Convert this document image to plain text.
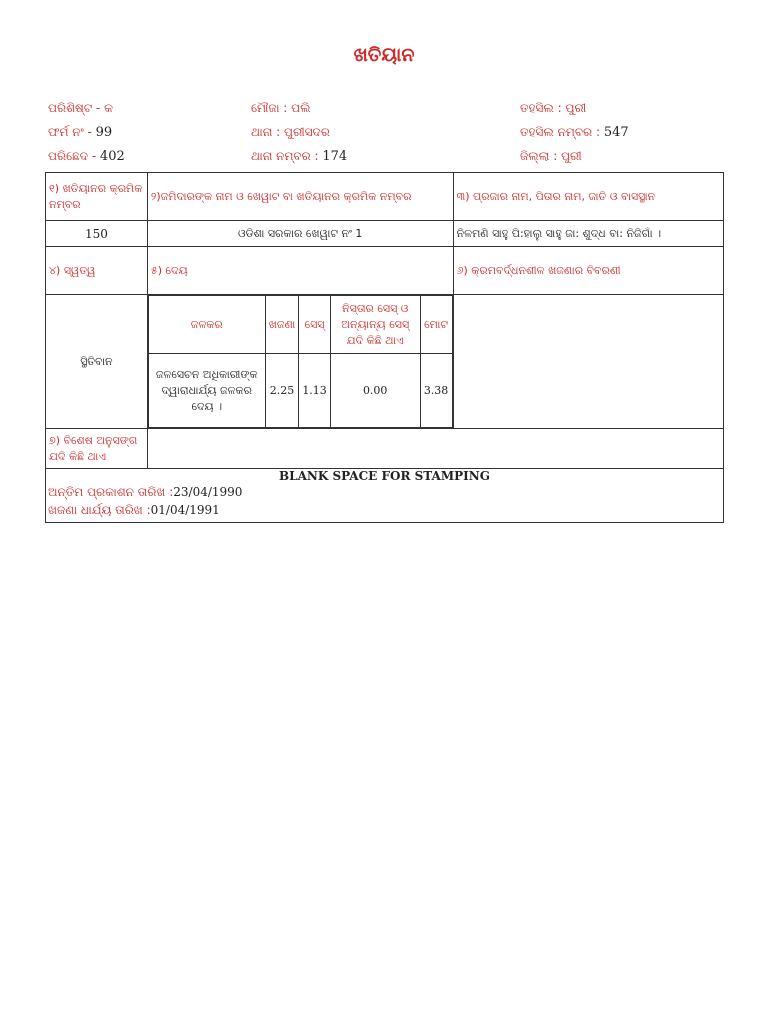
ଖତିୟାନ
ପରିଶିଷ୍ଟ - କ	ମୌଜା : ପଲି	ତହସିଲ : ପୁରୀ
ଫର୍ମ ନଂ - 99	ଥାନା : ପୁରୀସଦର	ତହସିଲ ନମ୍ବର : 547
ପରିଛେଦ - 402	ଥାନା ନମ୍ବର : 174	ଜିଲ୍ଲା : ପୁରୀ
୧) ଖତିୟାନର କ୍ରମିକ ନମ୍ବର	୨)ଜମିଦାରଙ୍କ ନାମ ଓ ଖେୱାଟ ବା ଖତିୟାନର କ୍ରମିକ ନମ୍ବର	୩) ପ୍ରଜାର ନାମ, ପିତାର ନାମ, ଜାତି ଓ ବାସସ୍ଥାନ
150	ଓଡିଶା ସରକାର ଖେୱାଟ ନଂ 1	ନିଳମଣି ସାହୁ ପି:ହାଲୁ ସାହୁ ଜା: ଶୁଦ୍ଧ ବା: ନିଜିଗାଁ ।
୪) ସ୍ୱତ୍ୱ	୫) ଦେୟ	୬) କ୍ରମବର୍ଦ୍ଧନଶୀଳ ଖଜଣାର ବିବରଣୀ
ସ୍ଥିତିବାନ	
ଜଳକର	ଖଜଣା	ସେସ୍	ନିସ୍ତାର ସେସ୍ ଓ ଅନ୍ୟାନ୍ୟ ସେସ୍ ଯଦି କିଛି ଥାଏ	ମୋଟ
ଜଳସେଚନ ଅଧିକାରୀଙ୍କ ଦ୍ୱାରାଧାର୍ଯ୍ୟ ଜଳକର ଦେୟ ।	2.25	1.13	0.00	3.38

୭) ବିଶେଷ ଅନୁସଙ୍ଗ ଯଦି କିଛି ଥାଏ	

BLANK SPACE FOR STAMPING
ଅନ୍ତିମ ପ୍ରକାଶନ ତାରିଖ :23/04/1990
ଖଜଣା ଧାର୍ଯ୍ୟ ତାରିଖ :01/04/1991
